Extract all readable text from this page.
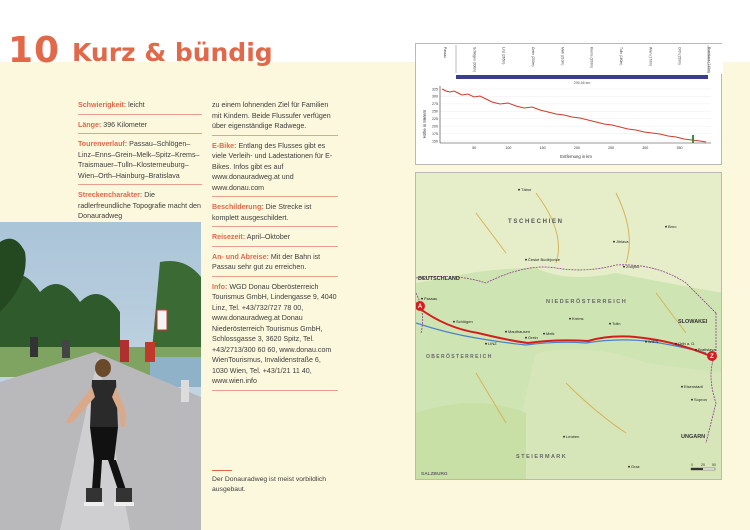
10 Kurz & bündig
Schwierigkeit: leicht
Länge: 396 Kilometer
Tourenverlauf: Passau–Schlögen–Linz–Enns–Grein–Melk–Spitz–Krems–Traismauer–Tulln–Klosterneuburg–Wien–Orth–Hainburg–Bratislava
Streckencharakter: Die radlerfreundliche Topografie macht den Donauradweg
zu einem lohnenden Ziel für Familien mit Kindern. Beide Flussufer verfügen über eigenständige Radwege.
E-Bike: Entlang des Flusses gibt es viele Verleih- und Ladestationen für E-Bikes. Infos gibt es auf www.donauradweg.at und www.donau.com
Beschilderung: Die Strecke ist komplett ausgeschildert.
Reisezeit: April–Oktober
An- und Abreise: Mit der Bahn ist Passau sehr gut zu erreichen.
Info: WGD Donau Oberösterreich Tourismus GmbH, Lindengasse 9, 4040 Linz, Tel. +43/732/727 78 00, www.donauradweg.at Donau Niederösterreich Tourismus GmbH, Schlossgasse 3, 3620 Spitz, Tel. +43/2713/300 60 60, www.donau.com WienTourismus, Invalidenstraße 6, 1030 Wien, Tel. +43/1/21 11 40, www.wien.info
Der Donauradweg ist meist vorbildlich ausgebaut.
Passau	Schlögen (300m)	Linz (265m)	Grein (230m)	Melk (210m)	Krems (200m)	Tulln (180m)	Wien (170m)	Orth (150m)	Bratislava (140m)
295,46 km
Höhe in Metern
325
300
275
250
225
200
175
150
50	100	150	200	250	300	350
Entfernung in km
A
Z
DEUTSCHLAND
T S C H E C H I E N
SLOWAKEI
UNGARN
N I E D E R Ö S T E R R E I C H
O B E R Ö S T E R R E I C H
S T E I E R M A R K
SALZBURG
Passau
Schlögen
LINZ
Mauthausen
Grein
Melk
Krems
Tulln
WIEN	Orth a. D.
Bratislava
Tábor
České Budějovice
Jihlava
Znojmo
Brno
Eisenstadt
Leoben
Graz
Sopron
0 25 50
